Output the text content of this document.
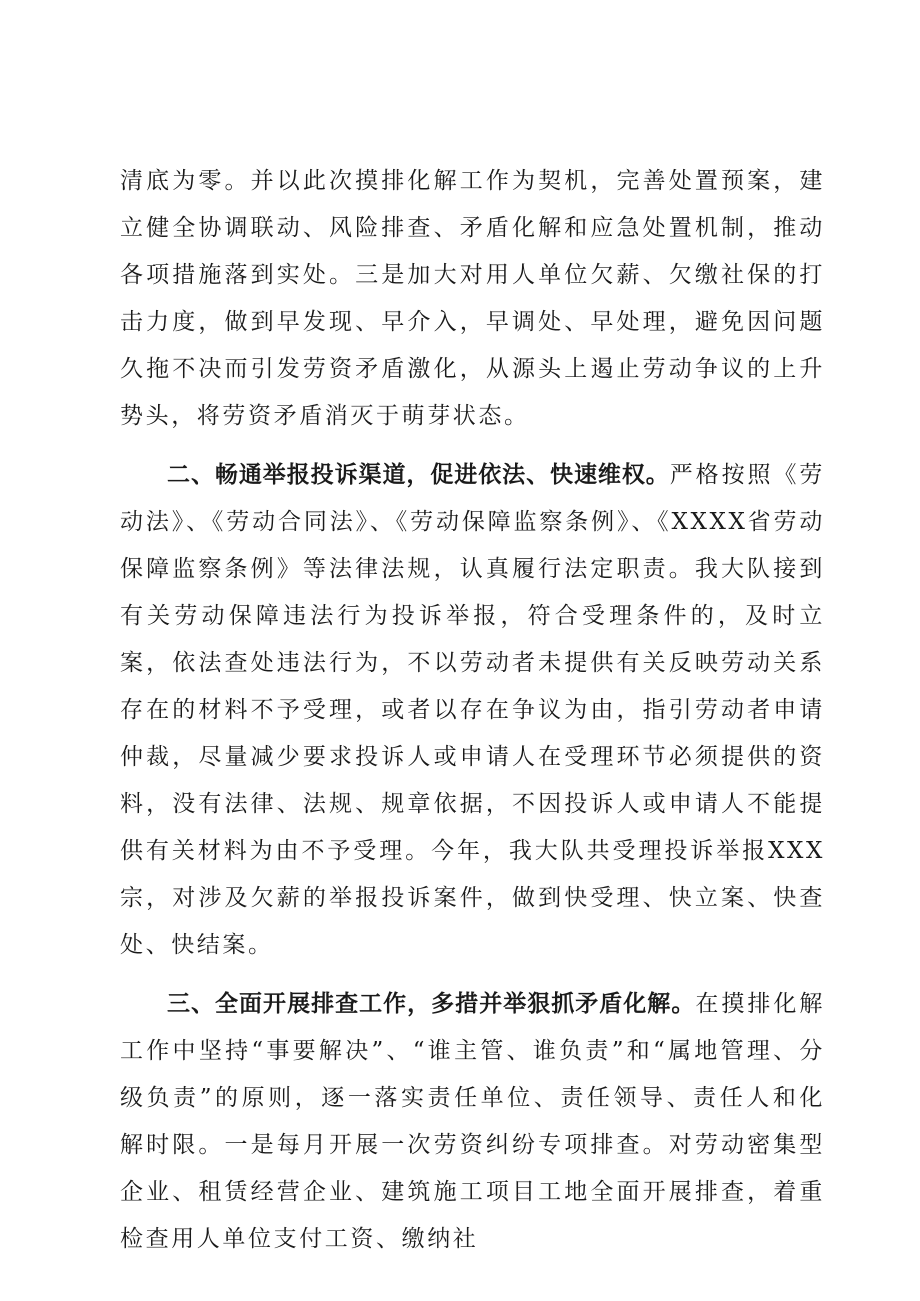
清底为零。并以此次摸排化解工作为契机，完善处置预案，建立健全协调联动、风险排查、矛盾化解和应急处置机制，推动各项措施落到实处。三是加大对用人单位欠薪、欠缴社保的打击力度，做到早发现、早介入，早调处、早处理，避免因问题久拖不决而引发劳资矛盾激化，从源头上遏止劳动争议的上升势头，将劳资矛盾消灭于萌芽状态。

二、畅通举报投诉渠道，促进依法、快速维权。严格按照《劳动法》、《劳动合同法》、《劳动保障监察条例》、《XXXX省劳动保障监察条例》等法律法规，认真履行法定职责。我大队接到有关劳动保障违法行为投诉举报，符合受理条件的，及时立案，依法查处违法行为，不以劳动者未提供有关反映劳动关系存在的材料不予受理，或者以存在争议为由，指引劳动者申请仲裁，尽量减少要求投诉人或申请人在受理环节必须提供的资料，没有法律、法规、规章依据，不因投诉人或申请人不能提供有关材料为由不予受理。今年，我大队共受理投诉举报XXX宗，对涉及欠薪的举报投诉案件，做到快受理、快立案、快查处、快结案。

三、全面开展排查工作，多措并举狠抓矛盾化解。在摸排化解工作中坚持“事要解决”、“谁主管、谁负责”和“属地管理、分级负责”的原则，逐一落实责任单位、责任领导、责任人和化解时限。一是每月开展一次劳资纠纷专项排查。对劳动密集型企业、租赁经营企业、建筑施工项目工地全面开展排查，着重检查用人单位支付工资、缴纳社
